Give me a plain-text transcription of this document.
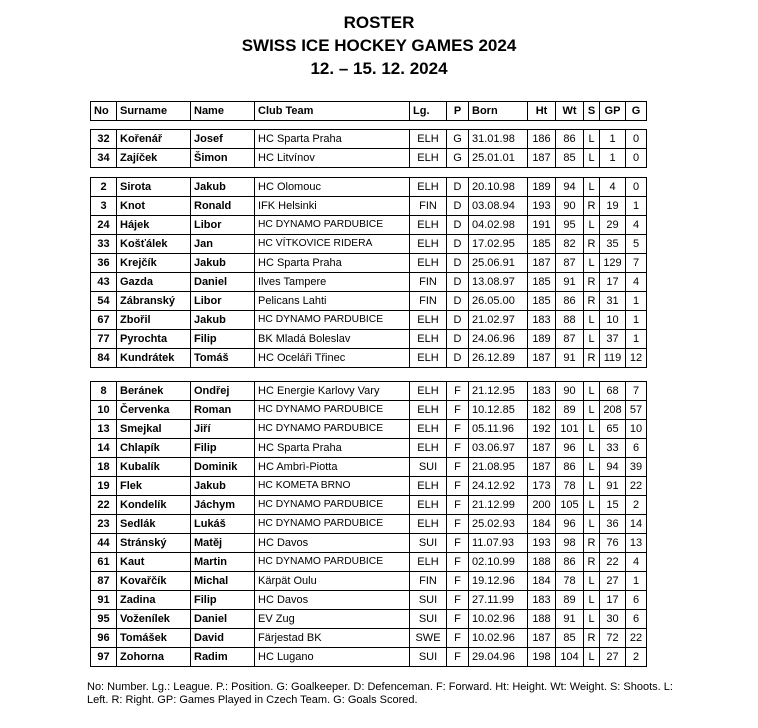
ROSTER
SWISS ICE HOCKEY GAMES 2024
12. – 15. 12. 2024
No	Surname	Name	Club Team	Lg.	P	Born	Ht	Wt	S	GP	G
32	Kořenář	Josef	HC Sparta Praha	ELH	G	31.01.98	186	86	L	1	0
34	Zajíček	Šimon	HC Litvínov	ELH	G	25.01.01	187	85	L	1	0
2	Sirota	Jakub	HC Olomouc	ELH	D	20.10.98	189	94	L	4	0
3	Knot	Ronald	IFK Helsinki	FIN	D	03.08.94	193	90	R	19	1
24	Hájek	Libor	HC DYNAMO PARDUBICE	ELH	D	04.02.98	191	95	L	29	4
33	Košťálek	Jan	HC VÍTKOVICE RIDERA	ELH	D	17.02.95	185	82	R	35	5
36	Krejčík	Jakub	HC Sparta Praha	ELH	D	25.06.91	187	87	L	129	7
43	Gazda	Daniel	Ilves Tampere	FIN	D	13.08.97	185	91	R	17	4
54	Zábranský	Libor	Pelicans Lahti	FIN	D	26.05.00	185	86	R	31	1
67	Zbořil	Jakub	HC DYNAMO PARDUBICE	ELH	D	21.02.97	183	88	L	10	1
77	Pyrochta	Filip	BK Mladá Boleslav	ELH	D	24.06.96	189	87	L	37	1
84	Kundrátek	Tomáš	HC Oceláři Třinec	ELH	D	26.12.89	187	91	R	119	12
8	Beránek	Ondřej	HC Energie Karlovy Vary	ELH	F	21.12.95	183	90	L	68	7
10	Červenka	Roman	HC DYNAMO PARDUBICE	ELH	F	10.12.85	182	89	L	208	57
13	Smejkal	Jiří	HC DYNAMO PARDUBICE	ELH	F	05.11.96	192	101	L	65	10
14	Chlapík	Filip	HC Sparta Praha	ELH	F	03.06.97	187	96	L	33	6
18	Kubalík	Dominik	HC Ambrì-Piotta	SUI	F	21.08.95	187	86	L	94	39
19	Flek	Jakub	HC KOMETA BRNO	ELH	F	24.12.92	173	78	L	91	22
22	Kondelík	Jáchym	HC DYNAMO PARDUBICE	ELH	F	21.12.99	200	105	L	15	2
23	Sedlák	Lukáš	HC DYNAMO PARDUBICE	ELH	F	25.02.93	184	96	L	36	14
44	Stránský	Matěj	HC Davos	SUI	F	11.07.93	193	98	R	76	13
61	Kaut	Martin	HC DYNAMO PARDUBICE	ELH	F	02.10.99	188	86	R	22	4
87	Kovařčík	Michal	Kärpät Oulu	FIN	F	19.12.96	184	78	L	27	1
91	Zadina	Filip	HC Davos	SUI	F	27.11.99	183	89	L	17	6
95	Voženílek	Daniel	EV Zug	SUI	F	10.02.96	188	91	L	30	6
96	Tomášek	David	Färjestad BK	SWE	F	10.02.96	187	85	R	72	22
97	Zohorna	Radim	HC Lugano	SUI	F	29.04.96	198	104	L	27	2
No: Number. Lg.: League. P.: Position. G: Goalkeeper. D: Defenceman. F: Forward. Ht: Height. Wt: Weight. S: Shoots. L: Left. R: Right. GP: Games Played in Czech Team. G: Goals Scored.
